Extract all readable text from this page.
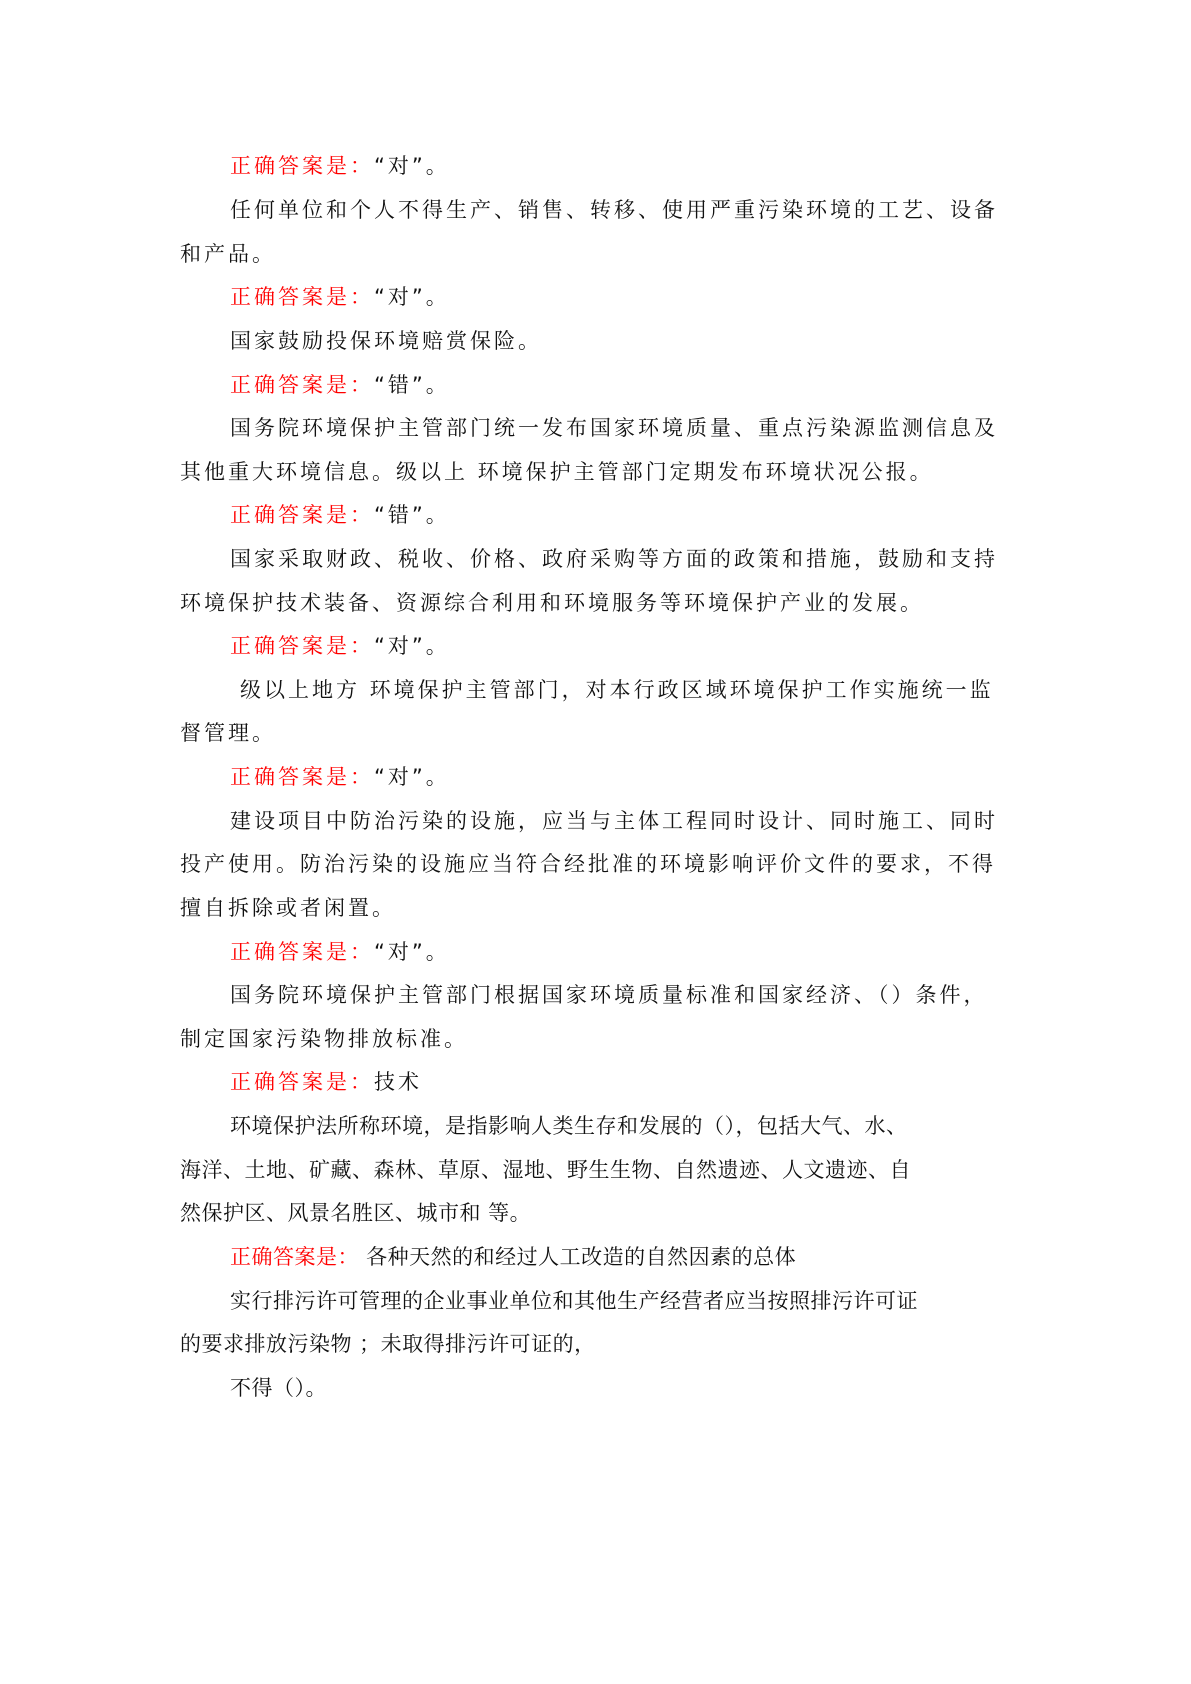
正确答案是：“对”。
任何单位和个人不得生产、销售、转移、使用严重污染环境的工艺、设备
和产品。
正确答案是：“对”。
国家鼓励投保环境赔赏保险。
正确答案是：“错”。
国务院环境保护主管部门统一发布国家环境质量、重点污染源监测信息及
其他重大环境信息。级以上 环境保护主管部门定期发布环境状况公报。
正确答案是：“错”。
国家采取财政、税收、价格、政府采购等方面的政策和措施，鼓励和支持
环境保护技术装备、资源综合利用和环境服务等环境保护产业的发展。
正确答案是：“对”。
级以上地方 环境保护主管部门，对本行政区域环境保护工作实施统一监
督管理。
正确答案是：“对”。
建设项目中防治污染的设施，应当与主体工程同时设计、同时施工、同时
投产使用。防治污染的设施应当符合经批准的环境影响评价文件的要求，不得
擅自拆除或者闲置。
正确答案是：“对”。
国务院环境保护主管部门根据国家环境质量标准和国家经济、（）条件，
制定国家污染物排放标准。
正确答案是：技术
环境保护法所称环境，是指影响人类生存和发展的（），包括大气、水、
海洋、土地、矿藏、森林、草原、湿地、野生生物、自然遗迹、人文遗迹、自
然保护区、风景名胜区、城市和 等。
正确答案是： 各种天然的和经过人工改造的自然因素的总体
实行排污许可管理的企业事业单位和其他生产经营者应当按照排污许可证
的要求排放污染物 ；未取得排污许可证的，
不得（）。
